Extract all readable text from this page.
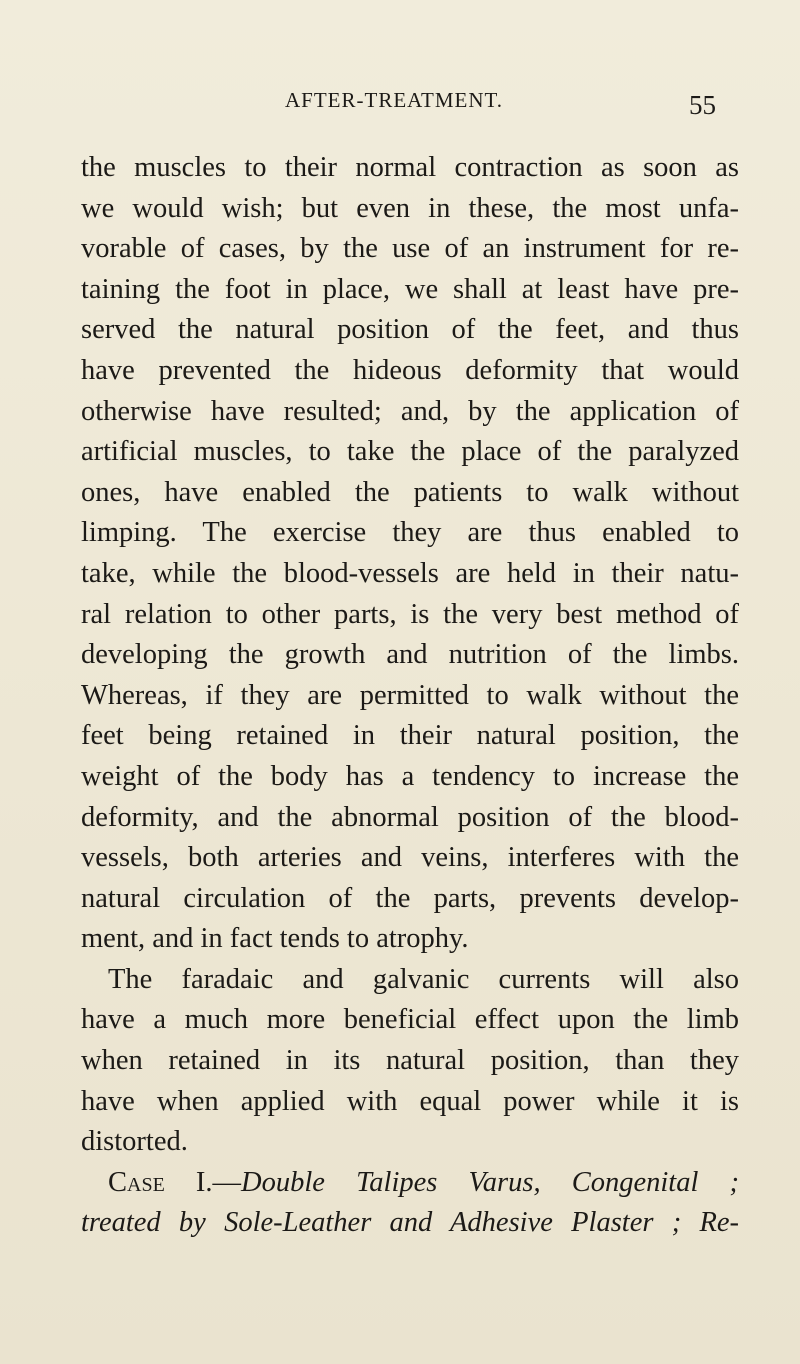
AFTER-TREATMENT.	55
the muscles to their normal contraction as soon as
we would wish; but even in these, the most unfa-
vorable of cases, by the use of an instrument for re-
taining the foot in place, we shall at least have pre-
served the natural position of the feet, and thus
have prevented the hideous deformity that would
otherwise have resulted; and, by the application of
artificial muscles, to take the place of the paralyzed
ones, have enabled the patients to walk without
limping. The exercise they are thus enabled to
take, while the blood-vessels are held in their natu-
ral relation to other parts, is the very best method of
developing the growth and nutrition of the limbs.
Whereas, if they are permitted to walk without the
feet being retained in their natural position, the
weight of the body has a tendency to increase the
deformity, and the abnormal position of the blood-
vessels, both arteries and veins, interferes with the
natural circulation of the parts, prevents develop-
ment, and in fact tends to atrophy.
The faradaic and galvanic currents will also
have a much more beneficial effect upon the limb
when retained in its natural position, than they
have when applied with equal power while it is
distorted.
Case I.—Double Talipes Varus, Congenital ;
treated by Sole-Leather and Adhesive Plaster ; Re-
